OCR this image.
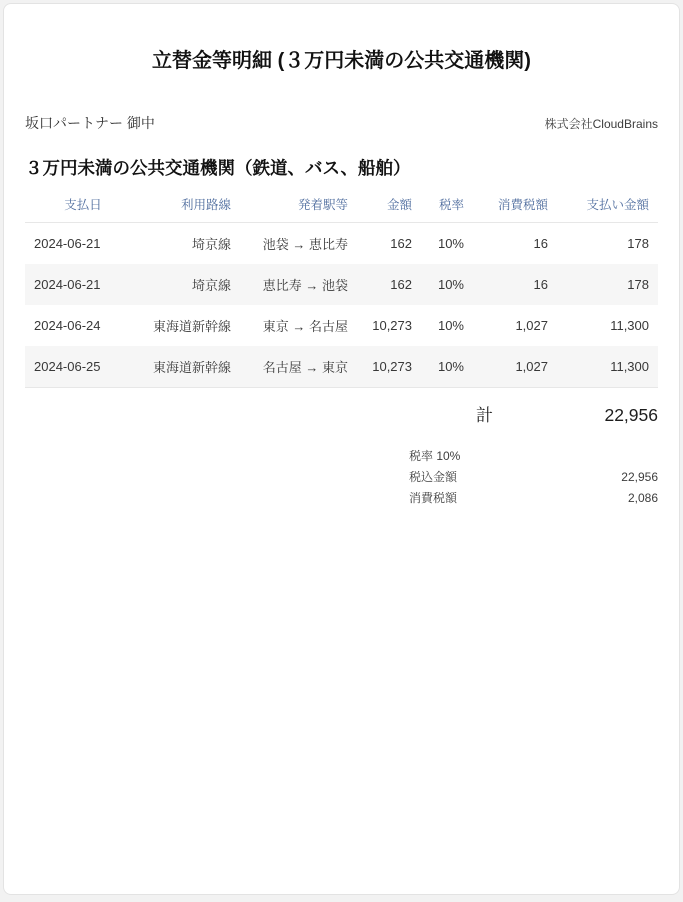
立替金等明細 (３万円未満の公共交通機関)
坂口パートナー 御中	株式会社CloudBrains
３万円未満の公共交通機関（鉄道、バス、船舶）
支払日	利用路線	発着駅等	金額	税率	消費税額	支払い金額
2024-06-21	埼京線	池袋 → 恵比寿	162	10%	16	178
2024-06-21	埼京線	恵比寿 → 池袋	162	10%	16	178
2024-06-24	東海道新幹線	東京 → 名古屋	10,273	10%	1,027	11,300
2024-06-25	東海道新幹線	名古屋 → 東京	10,273	10%	1,027	11,300
計	22,956
税率 10%
税込金額	22,956
消費税額	2,086
